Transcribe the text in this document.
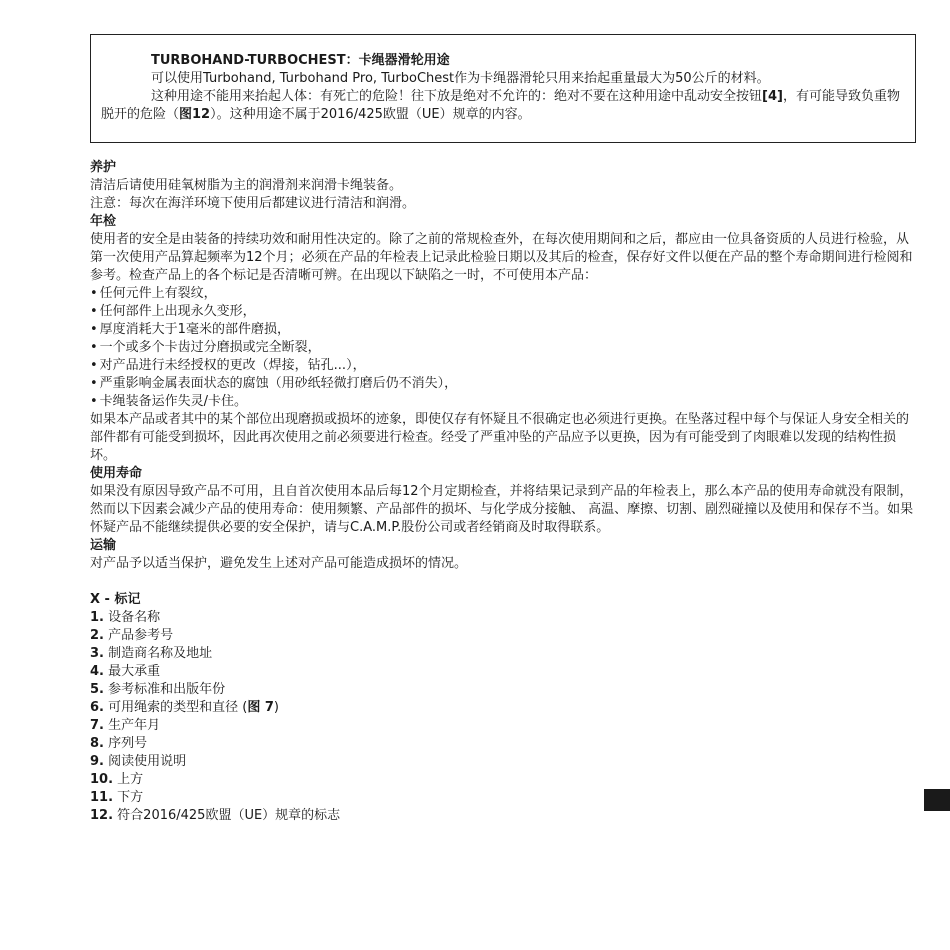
TURBOHAND-TURBOCHEST：卡绳器滑轮用途
可以使用Turbohand, Turbohand Pro, TurboChest作为卡绳器滑轮只用来抬起重量最大为50公斤的材料。
这种用途不能用来抬起人体：有死亡的危险！往下放是绝对不允许的：绝对不要在这种用途中乱动安全按钮[4]，有可能导致负重物脱开的危险（图12）。这种用途不属于2016/425欧盟（UE）规章的内容。
养护
清洁后请使用硅氧树脂为主的润滑剂来润滑卡绳装备。
注意：每次在海洋环境下使用后都建议进行清洁和润滑。
年检
使用者的安全是由装备的持续功效和耐用性决定的。除了之前的常规检查外，在每次使用期间和之后，都应由一位具备资质的人员进行检验，从第一次使用产品算起频率为12个月；必须在产品的年检表上记录此检验日期以及其后的检查，保存好文件以便在产品的整个寿命期间进行检阅和参考。检查产品上的各个标记是否清晰可辨。在出现以下缺陷之一时，不可使用本产品：
• 任何元件上有裂纹，
• 任何部件上出现永久变形，
• 厚度消耗大于1毫米的部件磨损，
• 一个或多个卡齿过分磨损或完全断裂，
• 对产品进行未经授权的更改（焊接，钻孔...），
• 严重影响金属表面状态的腐蚀（用砂纸轻微打磨后仍不消失），
• 卡绳装备运作失灵/卡住。
如果本产品或者其中的某个部位出现磨损或损坏的迹象，即使仅存有怀疑且不很确定也必须进行更换。在坠落过程中每个与保证人身安全相关的部件都有可能受到损坏，因此再次使用之前必须要进行检查。经受了严重冲坠的产品应予以更换，因为有可能受到了肉眼难以发现的结构性损坏。
使用寿命
如果没有原因导致产品不可用，且自首次使用本品后每12个月定期检查，并将结果记录到产品的年检表上，那么本产品的使用寿命就没有限制， 然而以下因素会减少产品的使用寿命：使用频繁、产品部件的损坏、与化学成分接触、 高温、摩擦、切割、剧烈碰撞以及使用和保存不当。如果怀疑产品不能继续提供必要的安全保护，请与C.A.M.P.股份公司或者经销商及时取得联系。
运输
对产品予以适当保护，避免发生上述对产品可能造成损坏的情况。
X - 标记
1. 设备名称
2. 产品参考号
3. 制造商名称及地址
4. 最大承重
5. 参考标准和出版年份
6. 可用绳索的类型和直径 (图 7)
7. 生产年月
8. 序列号
9. 阅读使用说明
10. 上方
11. 下方
12. 符合2016/425欧盟（UE）规章的标志
